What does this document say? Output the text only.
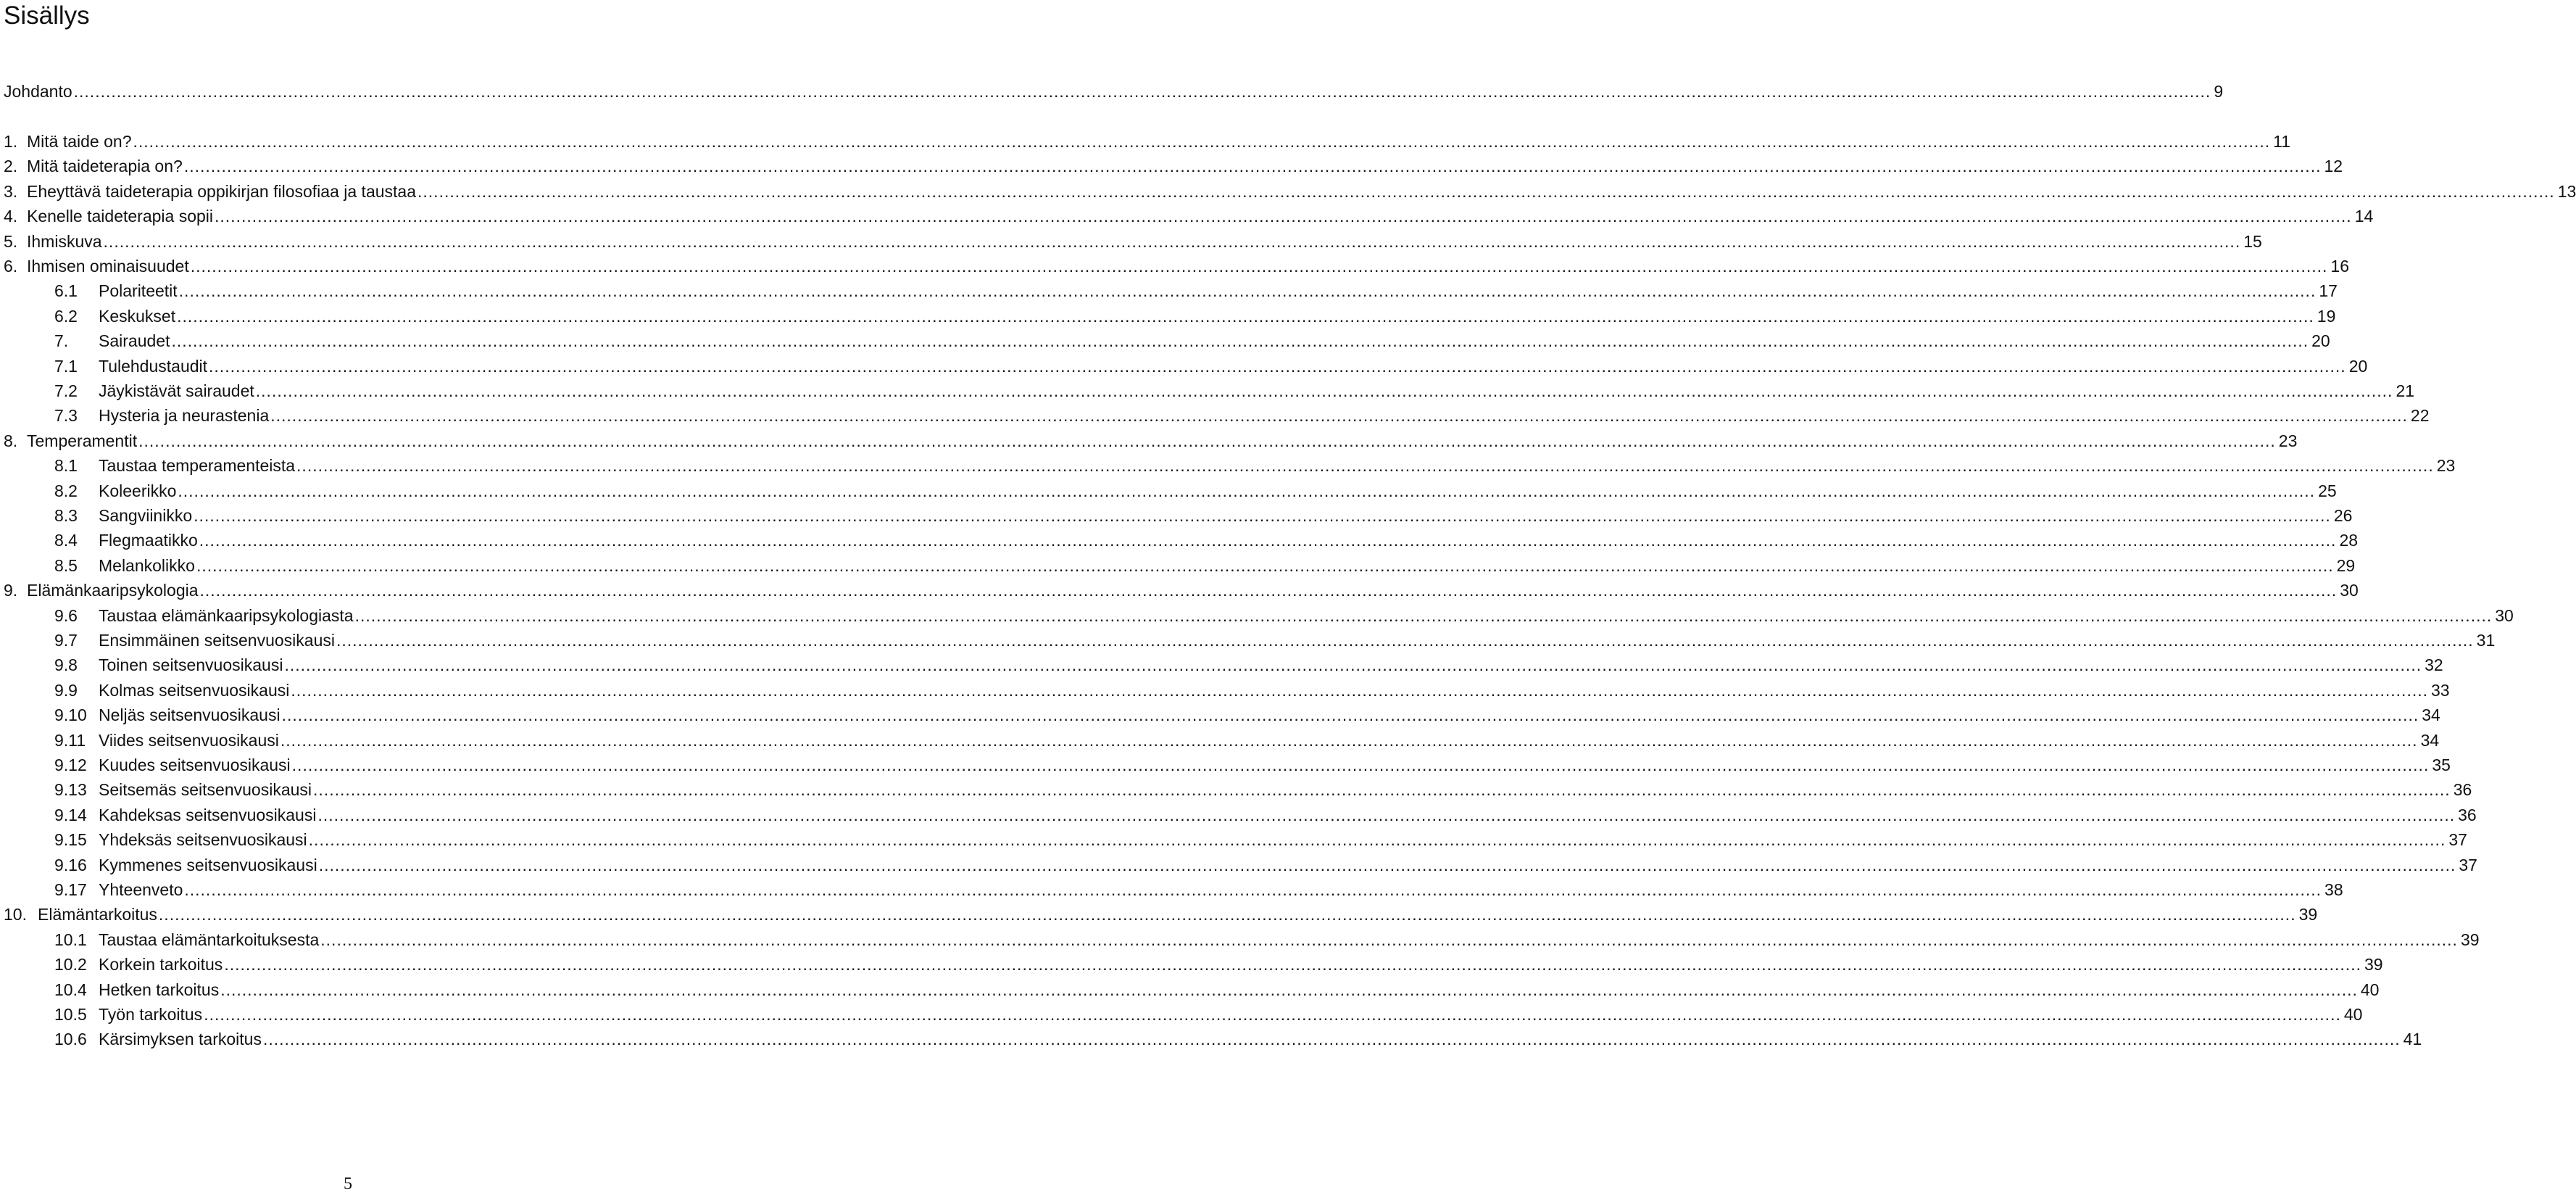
Sisällys
Johdanto ............................................................................................................................................................................................................................................................................................................................................................................................................... 9
1. Mitä taide on? ............................................................................................................................................................................................................................................................................................................................................................................................................... 11
2. Mitä taideterapia on? ............................................................................................................................................................................................................................................................................................................................................................................................................... 12
3. Eheyttävä taideterapia oppikirjan filosofiaa ja taustaa ............................................................................................................................................................................................................................................................................................................................................................................................................... 13
4. Kenelle taideterapia sopii ............................................................................................................................................................................................................................................................................................................................................................................................................... 14
5. Ihmiskuva ............................................................................................................................................................................................................................................................................................................................................................................................................... 15
6. Ihmisen ominaisuudet ............................................................................................................................................................................................................................................................................................................................................................................................................... 16
6.1 Polariteetit ............................................................................................................................................................................................................................................................................................................................................................................................................... 17
6.2 Keskukset ............................................................................................................................................................................................................................................................................................................................................................................................................... 19
7. Sairaudet ............................................................................................................................................................................................................................................................................................................................................................................................................... 20
7.1 Tulehdustaudit ............................................................................................................................................................................................................................................................................................................................................................................................................... 20
7.2 Jäykistävät sairaudet ............................................................................................................................................................................................................................................................................................................................................................................................................... 21
7.3 Hysteria ja neurastenia ............................................................................................................................................................................................................................................................................................................................................................................................................... 22
8. Temperamentit ............................................................................................................................................................................................................................................................................................................................................................................................................... 23
8.1 Taustaa temperamenteista ............................................................................................................................................................................................................................................................................................................................................................................................................... 23
8.2 Koleerikko ............................................................................................................................................................................................................................................................................................................................................................................................................... 25
8.3 Sangviinikko ............................................................................................................................................................................................................................................................................................................................................................................................................... 26
8.4 Flegmaatikko ............................................................................................................................................................................................................................................................................................................................................................................................................... 28
8.5 Melankolikko ............................................................................................................................................................................................................................................................................................................................................................................................................... 29
9. Elämänkaaripsykologia ............................................................................................................................................................................................................................................................................................................................................................................................................... 30
9.6 Taustaa elämänkaaripsykologiasta ............................................................................................................................................................................................................................................................................................................................................................................................................... 30
9.7 Ensimmäinen seitsenvuosikausi ............................................................................................................................................................................................................................................................................................................................................................................................................... 31
9.8 Toinen seitsenvuosikausi ............................................................................................................................................................................................................................................................................................................................................................................................................... 32
9.9 Kolmas seitsenvuosikausi ............................................................................................................................................................................................................................................................................................................................................................................................................... 33
9.10 Neljäs seitsenvuosikausi ............................................................................................................................................................................................................................................................................................................................................................................................................... 34
9.11 Viides seitsenvuosikausi ............................................................................................................................................................................................................................................................................................................................................................................................................... 34
9.12 Kuudes seitsenvuosikausi ............................................................................................................................................................................................................................................................................................................................................................................................................... 35
9.13 Seitsemäs seitsenvuosikausi ............................................................................................................................................................................................................................................................................................................................................................................................................... 36
9.14 Kahdeksas seitsenvuosikausi ............................................................................................................................................................................................................................................................................................................................................................................................................... 36
9.15 Yhdeksäs seitsenvuosikausi ............................................................................................................................................................................................................................................................................................................................................................................................................... 37
9.16 Kymmenes seitsenvuosikausi ............................................................................................................................................................................................................................................................................................................................................................................................................... 37
9.17 Yhteenveto ............................................................................................................................................................................................................................................................................................................................................................................................................... 38
10. Elämäntarkoitus ............................................................................................................................................................................................................................................................................................................................................................................................................... 39
10.1 Taustaa elämäntarkoituksesta ............................................................................................................................................................................................................................................................................................................................................................................................................... 39
10.2 Korkein tarkoitus ............................................................................................................................................................................................................................................................................................................................................................................................................... 39
10.4 Hetken tarkoitus ............................................................................................................................................................................................................................................................................................................................................................................................................... 40
10.5 Työn tarkoitus ............................................................................................................................................................................................................................................................................................................................................................................................................... 40
10.6 Kärsimyksen tarkoitus ............................................................................................................................................................................................................................................................................................................................................................................................................... 41
5
